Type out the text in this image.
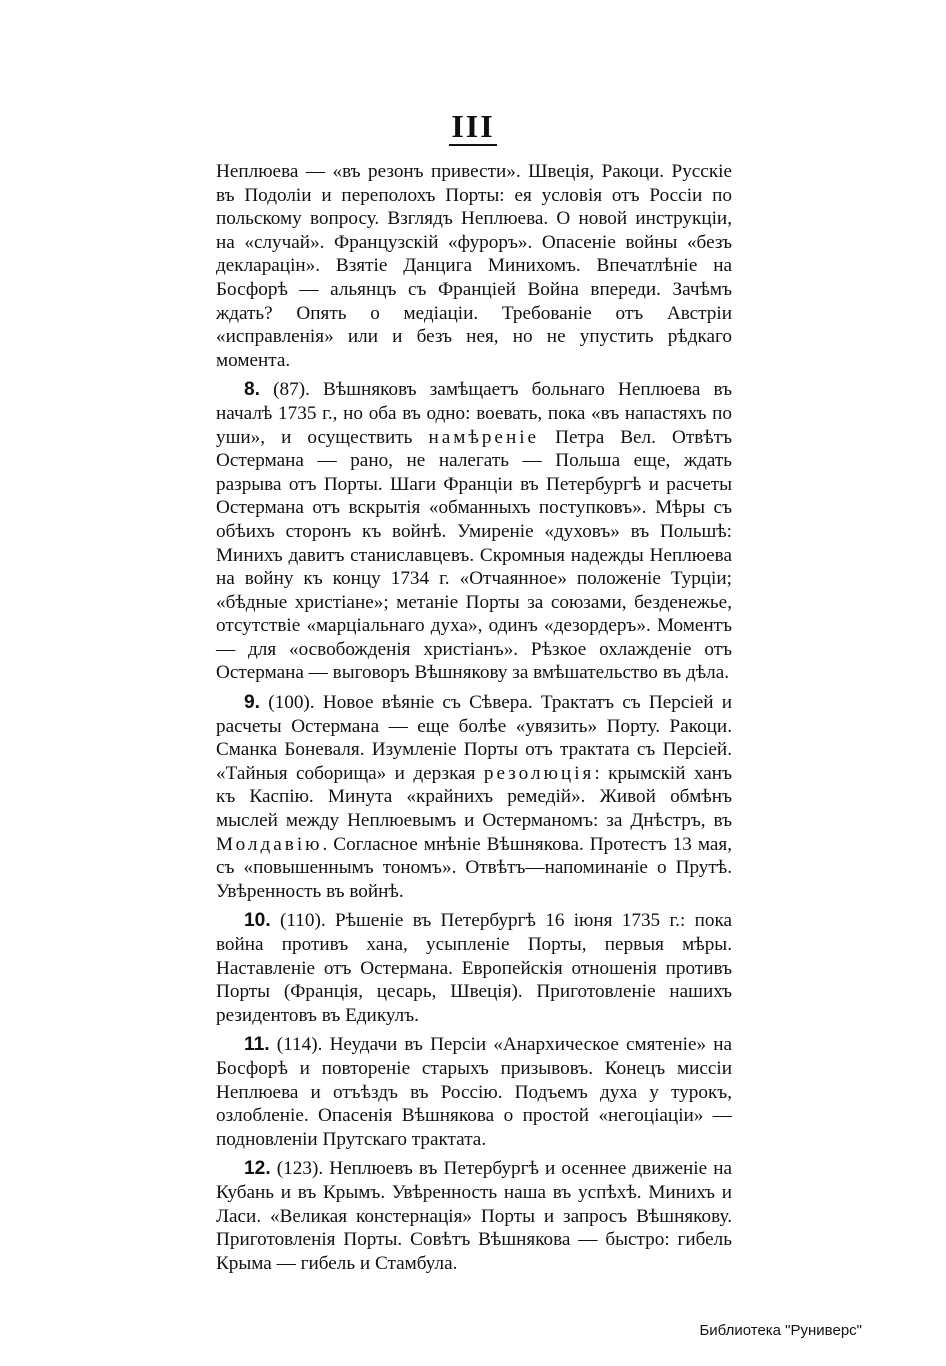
III

Неплюева — «въ резонъ привести». Швеція, Ракоци. Русскіе въ Подоліи и переполохъ Порты: ея условія отъ Россіи по польскому вопросу. Взглядъ Неплюева. О новой инструкціи, на «случай». Французскій «фуроръ». Опасеніе войны «безъ декларацін». Взятіе Данцига Минихомъ. Впечатлѣніе на Босфорѣ — альянцъ съ Франціей Война впереди. Зачѣмъ ждать? Опять о медіаціи. Требованіе отъ Австріи «исправленія» или и безъ нея, но не упустить рѣдкаго момента.

8. (87). Вѣшняковъ замѣщаетъ больнаго Неплюева въ началѣ 1735 г., но оба въ одно: воевать, пока «въ напастяхъ по уши», и осуществить намѣреніе Петра Вел. Отвѣтъ Остермана — рано, не налегать — Польша еще, ждать разрыва отъ Порты. Шаги Франціи въ Петербургѣ и расчеты Остермана отъ вскрытія «обманныхъ поступковъ». Мѣры съ обѣихъ сторонъ къ войнѣ. Умиреніе «духовъ» въ Польшѣ: Минихъ давитъ станиславцевъ. Скромныя надежды Неплюева на войну къ концу 1734 г. «Отчаянное» положеніе Турціи; «бѣдные христіане»; метаніе Порты за союзами, безденежье, отсутствіе «марціальнаго духа», одинъ «дезордеръ». Моментъ — для «освобожденія христіанъ». Рѣзкое охлажденіе отъ Остермана — выговоръ Вѣшнякову за вмѣшательство въ дѣла.

9. (100). Новое вѣяніе съ Сѣвера. Трактатъ съ Персіей и расчеты Остермана — еще болѣе «увязить» Порту. Ракоци. Сманка Боневаля. Изумленіе Порты отъ трактата съ Персіей. «Тайныя соборища» и дерзкая резолюція: крымскій ханъ къ Каспію. Минута «крайнихъ ремедій». Живой обмѣнъ мыслей между Неплюевымъ и Остерманомъ: за Днѣстръ, въ Молдавію. Согласное мнѣніе Вѣшнякова. Протестъ 13 мая, съ «повышеннымъ тономъ». Отвѣтъ—напоминаніе о Прутѣ. Увѣренность въ войнѣ.

10. (110). Рѣшеніе въ Петербургѣ 16 іюня 1735 г.: пока война противъ хана, усыпленіе Порты, первыя мѣры. Наставленіе отъ Остермана. Европейскія отношенія противъ Порты (Франція, цесарь, Швеція). Приготовленіе нашихъ резидентовъ въ Едикулъ.

11. (114). Неудачи въ Персіи «Анархическое смятеніе» на Босфорѣ и повтореніе старыхъ призывовъ. Конецъ миссіи Неплюева и отъѣздъ въ Россію. Подъемъ духа у турокъ, озлобленіе. Опасенія Вѣшнякова о простой «негоціаціи» — подновленіи Прутскаго трактата.

12. (123). Неплюевъ въ Петербургѣ и осеннее движеніе на Кубань и въ Крымъ. Увѣренность наша въ успѣхѣ. Минихъ и Ласи. «Великая констернація» Порты и запросъ Вѣшнякову. Приготовленія Порты. Совѣтъ Вѣшнякова — быстро: гибель Крыма — гибель и Стамбула.

Библиотека "Руниверс"
